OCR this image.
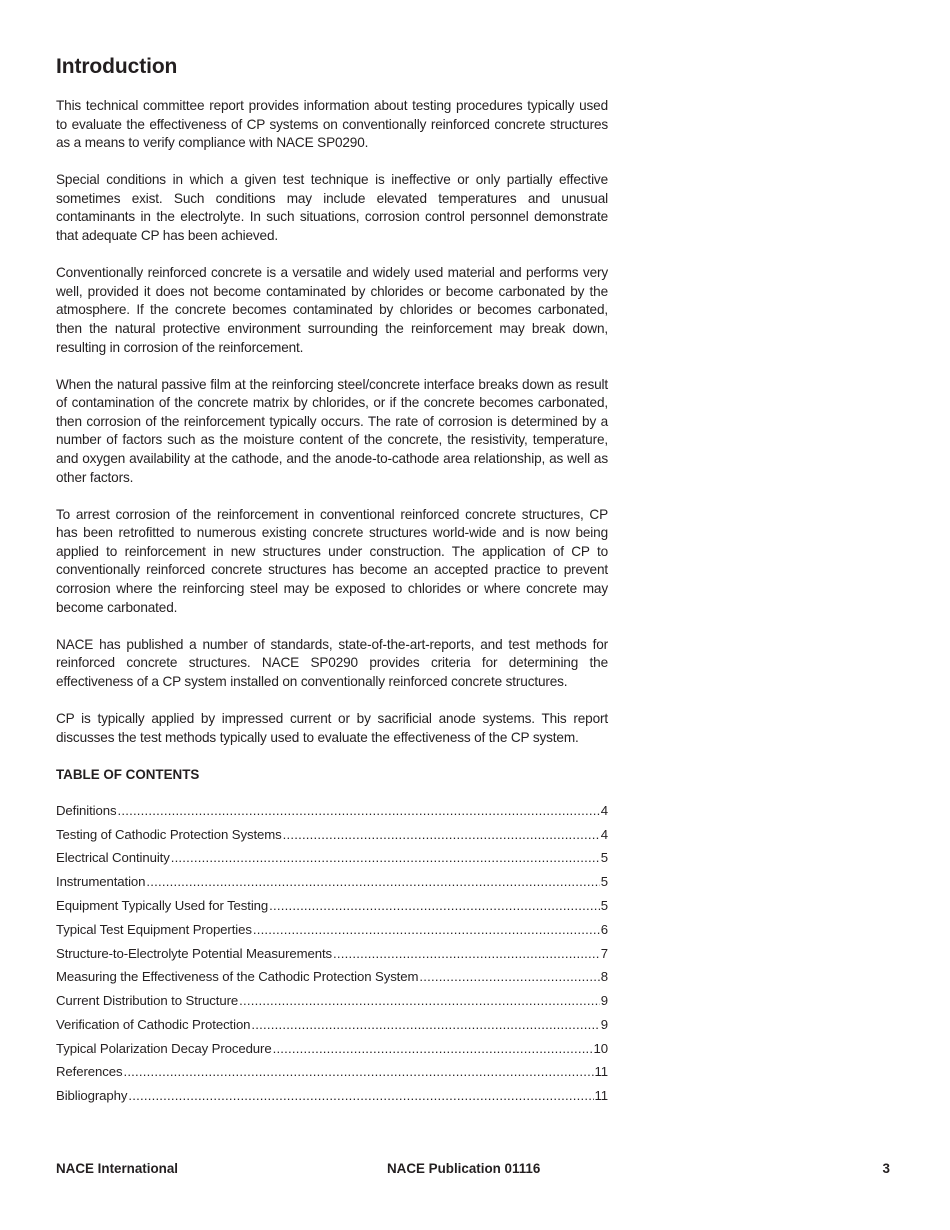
Introduction

This technical committee report provides information about testing procedures typically used to evaluate the effectiveness of CP systems on conventionally reinforced concrete structures as a means to verify compliance with NACE SP0290.

Special conditions in which a given test technique is ineffective or only partially effective sometimes exist. Such conditions may include elevated temperatures and unusual contaminants in the electrolyte. In such situations, corrosion control personnel demonstrate that adequate CP has been achieved.

Conventionally reinforced concrete is a versatile and widely used material and performs very well, provided it does not become contaminated by chlorides or become carbonated by the atmosphere. If the concrete becomes contaminated by chlorides or becomes carbonated, then the natural protective environment surrounding the reinforcement may break down, resulting in corrosion of the reinforcement.

When the natural passive film at the reinforcing steel/concrete interface breaks down as result of contamination of the concrete matrix by chlorides, or if the concrete becomes carbonated, then corrosion of the reinforcement typically occurs. The rate of corrosion is determined by a number of factors such as the moisture content of the concrete, the resistivity, temperature, and oxygen availability at the cathode, and the anode-to-cathode area relationship, as well as other factors.

To arrest corrosion of the reinforcement in conventional reinforced concrete structures, CP has been retrofitted to numerous existing concrete structures world-wide and is now being applied to reinforcement in new structures under construction. The application of CP to conventionally reinforced concrete structures has become an accepted practice to prevent corrosion where the reinforcing steel may be exposed to chlorides or where concrete may become carbonated.

NACE has published a number of standards, state-of-the-art-reports, and test methods for reinforced concrete structures. NACE SP0290 provides criteria for determining the effectiveness of a CP system installed on conventionally reinforced concrete structures.

CP is typically applied by impressed current or by sacrificial anode systems. This report discusses the test methods typically used to evaluate the effectiveness of the CP system.

TABLE OF CONTENTS
Definitions .....	4
Testing of Cathodic Protection Systems .....	4
Electrical Continuity .....	5
Instrumentation .....	5
Equipment Typically Used for Testing .....	5
Typical Test Equipment Properties .....	6
Structure-to-Electrolyte Potential Measurements .....	7
Measuring the Effectiveness of the Cathodic Protection System .....	8
Current Distribution to Structure .....	9
Verification of Cathodic Protection .....	9
Typical Polarization Decay Procedure .....	10
References .....	11
Bibliography .....	11
NACE International	NACE Publication 01116	3
